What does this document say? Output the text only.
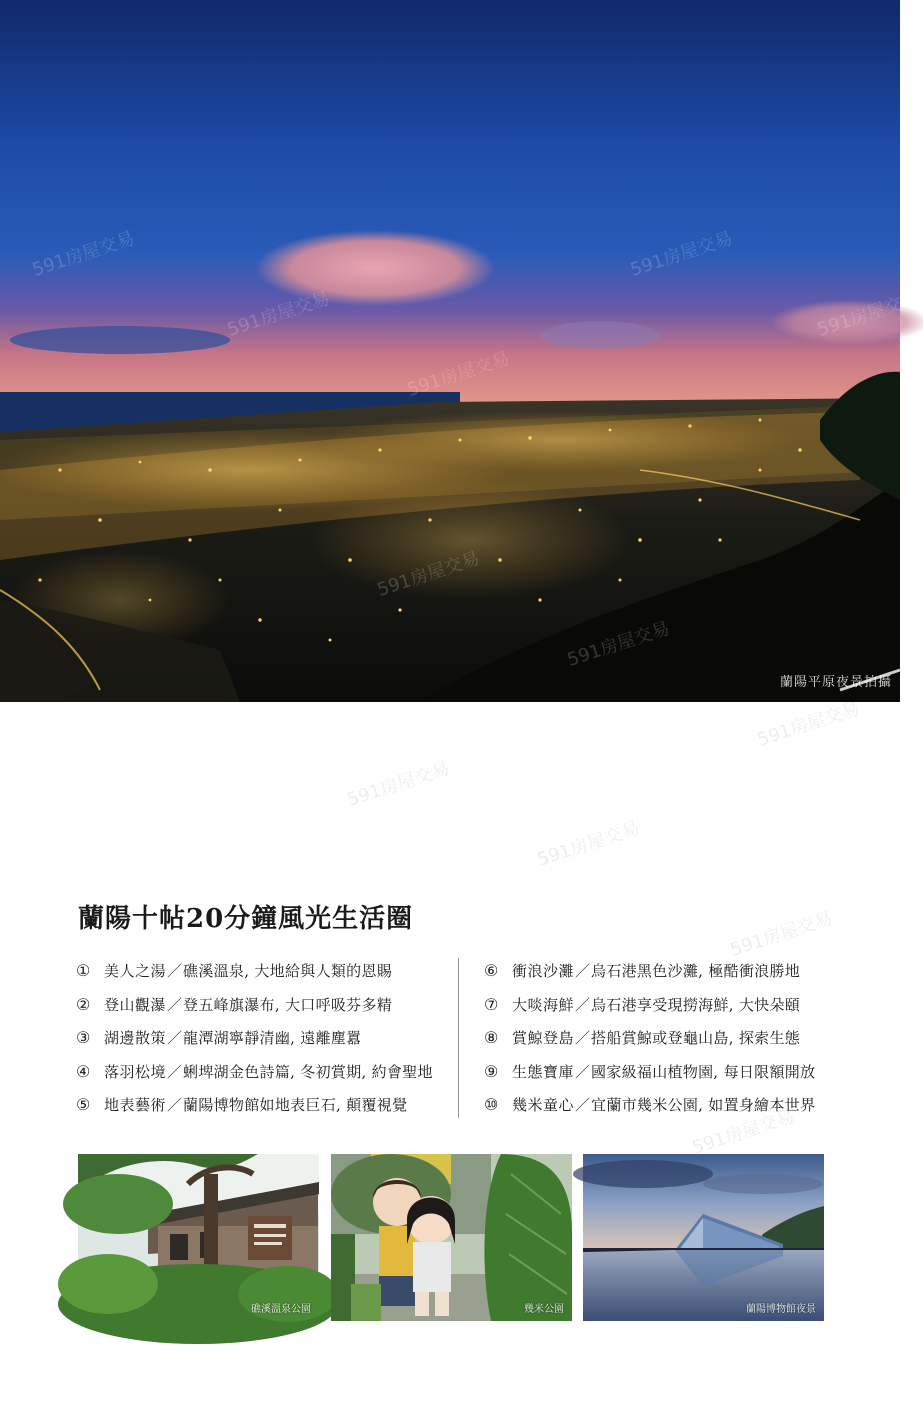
蘭陽平原夜景拍攝
591房屋交易
591房屋交易
591房屋交易
591房屋交易
591房屋交易
蘭陽十帖20分鐘風光生活圈
① 美人之湯 ／ 礁溪溫泉, 大地給與人類的恩賜
② 登山觀瀑 ／ 登五峰旗瀑布, 大口呼吸芬多精
③ 湖邊散策 ／ 龍潭湖寧靜清幽, 遠離塵囂
④ 落羽松境 ／ 蜊埤湖金色詩篇, 冬初賞期, 約會聖地
⑤ 地表藝術 ／ 蘭陽博物館如地表巨石, 顛覆視覺
⑥ 衝浪沙灘 ／ 烏石港黑色沙灘, 極酷衝浪勝地
⑦ 大啖海鮮 ／ 烏石港享受現撈海鮮, 大快朵頤
⑧ 賞鯨登島 ／ 搭船賞鯨或登龜山島, 探索生態
⑨ 生態寶庫 ／ 國家級福山植物園, 每日限額開放
⑩ 幾米童心 ／ 宜蘭市幾米公園, 如置身繪本世界
礁溪溫泉公園	幾米公園	蘭陽博物館夜景
